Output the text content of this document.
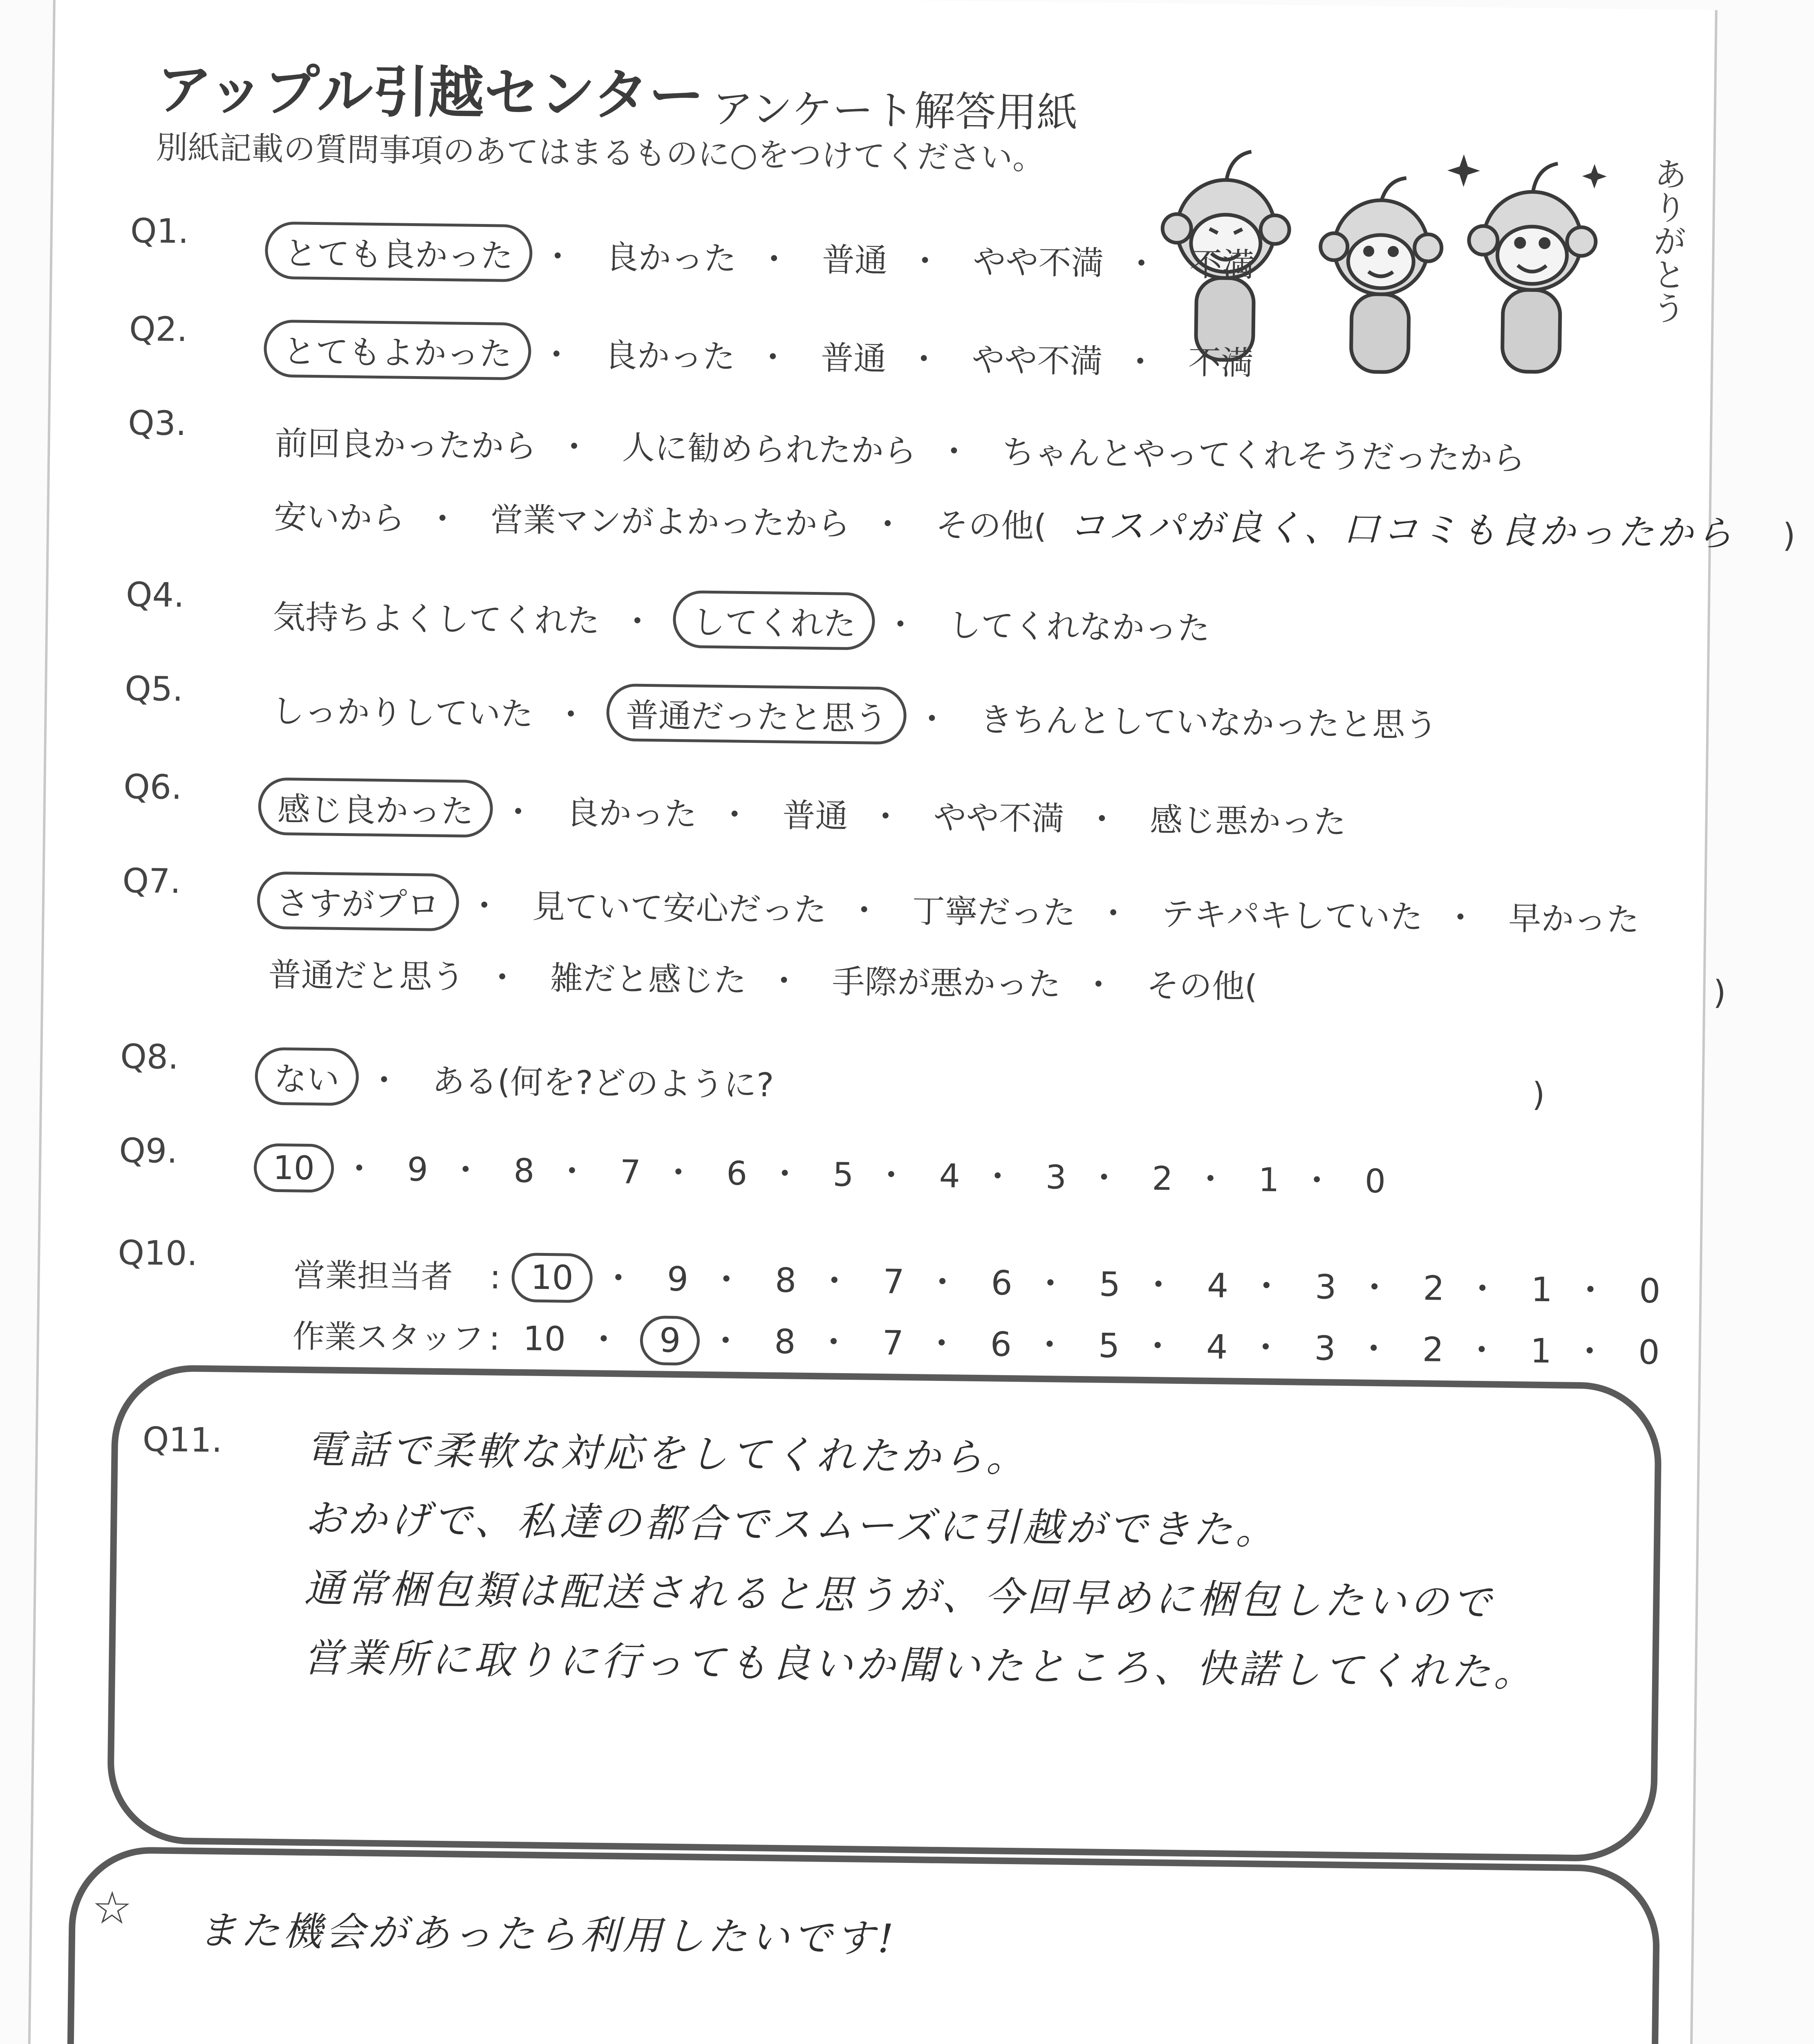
アップル引越センター アンケート解答用紙
別紙記載の質問事項のあてはまるものに○をつけてください。
ありがとう
Q1.
とても良かった ・ 良かった ・ 普通 ・ やや不満 ・ 不満
Q2.
とてもよかった ・ 良かった ・ 普通 ・ やや不満 ・ 不満
Q3.
前回良かったから ・ 人に勧められたから ・ ちゃんとやってくれそうだったから
安いから ・ 営業マンがよかったから ・ その他( コスパが良く、口コミも良かったから )
Q4.
気持ちよくしてくれた ・ してくれた ・ してくれなかった
Q5.
しっかりしていた ・ 普通だったと思う ・ きちんとしていなかったと思う
Q6.
感じ良かった ・ 良かった ・ 普通 ・ やや不満 ・ 感じ悪かった
Q7.
さすがプロ ・ 見ていて安心だった ・ 丁寧だった ・ テキパキしていた ・ 早かった
普通だと思う ・ 雑だと感じた ・ 手際が悪かった ・ その他(	)
Q8.
ない ・ ある(何を?どのように?	)
Q9.	10 ・ 9 ・ 8 ・ 7 ・ 6 ・ 5 ・ 4 ・ 3 ・ 2 ・ 1 ・ 0
Q10.
営業担当者 : 10 ・ 9 ・ 8 ・ 7 ・ 6 ・ 5 ・ 4 ・ 3 ・ 2 ・ 1 ・ 0
作業スタッフ : 10 ・ 9 ・ 8 ・ 7 ・ 6 ・ 5 ・ 4 ・ 3 ・ 2 ・ 1 ・ 0
Q11. 電話で柔軟な対応をしてくれたから。
おかげで、私達の都合でスムーズに引越ができた。
通常梱包類は配送されると思うが、今回早めに梱包したいので
営業所に取りに行っても良いか聞いたところ、快諾してくれた。
☆ また機会があったら利用したいです!
